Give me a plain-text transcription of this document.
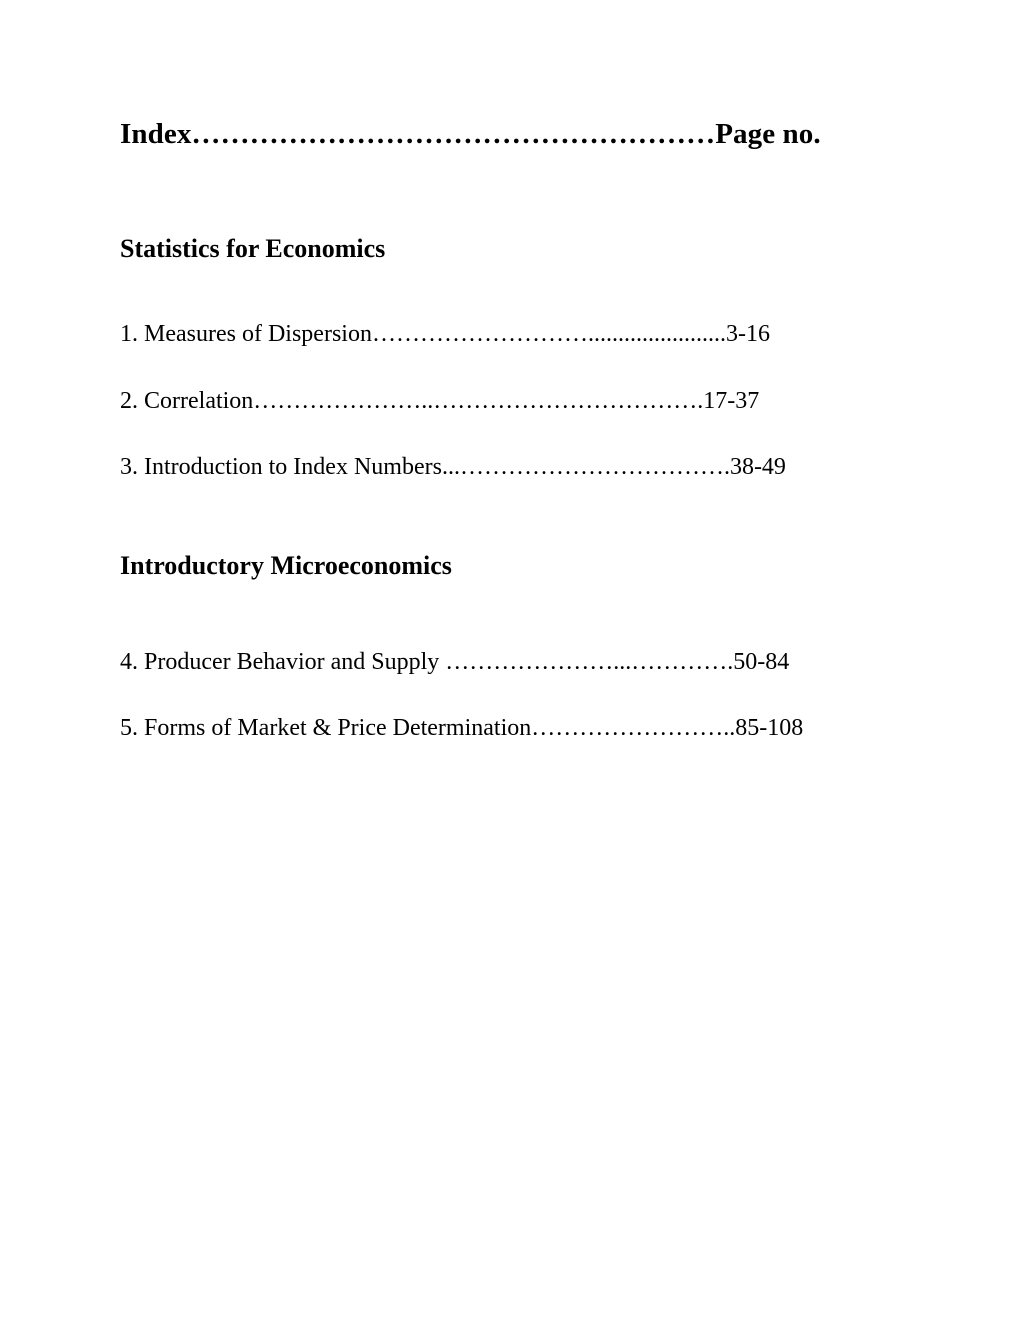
Index………………………………………………Page no.
Statistics for Economics
1. Measures of Dispersion……………………….......................3-16
2. Correlation…………………..…………………………….17-37
3. Introduction to Index Numbers...…………………………….38-49
Introductory Microeconomics
4. Producer Behavior and Supply …………………...………….50-84
5. Forms of Market & Price Determination……………………..85-108
